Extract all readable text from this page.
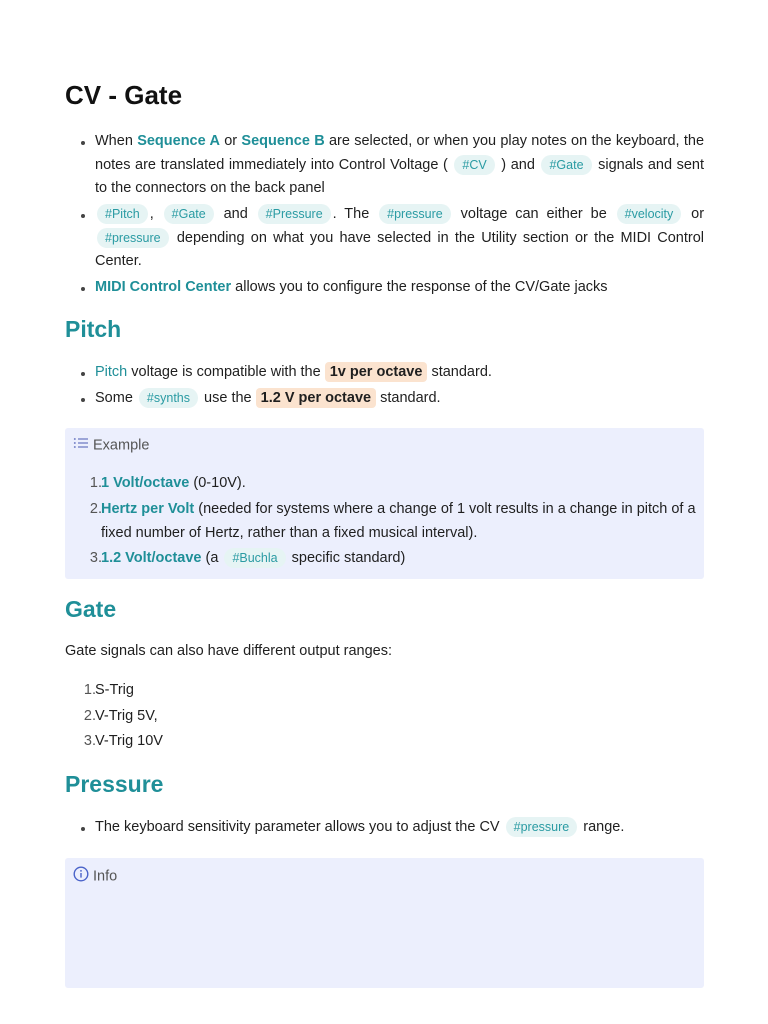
CV - Gate
When Sequence A or Sequence B are selected, or when you play notes on the keyboard, the notes are translated immediately into Control Voltage ( #CV ) and #Gate signals and sent to the connectors on the back panel
#Pitch , #Gate and #Pressure . The #pressure voltage can either be #velocity or #pressure depending on what you have selected in the Utility section or the MIDI Control Center.
MIDI Control Center allows you to configure the response of the CV/Gate jacks
Pitch
Pitch voltage is compatible with the 1v per octave standard.
Some #synths use the 1.2 V per octave standard.
Example
1 . 1 Volt/octave (0-10V).
2 . Hertz per Volt (needed for systems where a change of 1 volt results in a change in pitch of a fixed number of Hertz, rather than a fixed musical interval).
3 . 1.2 Volt/octave (a #Buchla specific standard)
Gate

Gate signals can also have different output ranges:

1 . S-Trig
2 . V-Trig 5V,
3 . V-Trig 10V
Pressure
The keyboard sensitivity parameter allows you to adjust the CV #pressure range.
Info
